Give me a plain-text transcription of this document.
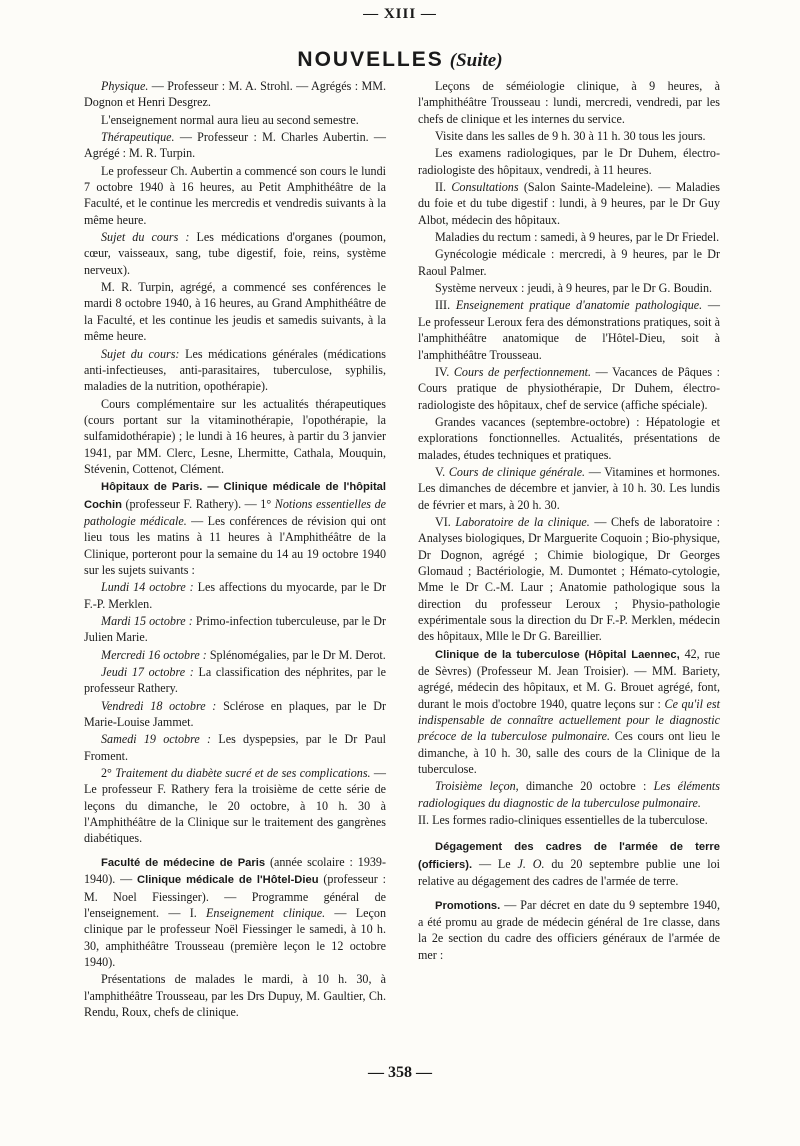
— XIII —
NOUVELLES (Suite)

Physique. — Professeur : M. A. Strohl. — Agrégés : MM. Dognon et Henri Desgrez.

L'enseignement normal aura lieu au second semestre.

Thérapeutique. — Professeur : M. Charles Aubertin. — Agrégé : M. R. Turpin.

Le professeur Ch. Aubertin a commencé son cours le lundi 7 octobre 1940 à 16 heures, au Petit Amphithéâtre de la Faculté, et le continue les mercredis et vendredis suivants à la même heure.

Sujet du cours : Les médications d'organes (poumon, cœur, vaisseaux, sang, tube digestif, foie, reins, système nerveux).

M. R. Turpin, agrégé, a commencé ses conférences le mardi 8 octobre 1940, à 16 heures, au Grand Amphithéâtre de la Faculté, et les continue les jeudis et samedis suivants, à la même heure.

Sujet du cours: Les médications générales (médications anti-infectieuses, anti-parasitaires, tuberculose, syphilis, maladies de la nutrition, opothérapie).

Cours complémentaire sur les actualités thérapeutiques (cours portant sur la vitaminothérapie, l'opothérapie, la sulfamidothérapie) ; le lundi à 16 heures, à partir du 3 janvier 1941, par MM. Clerc, Lesne, Lhermitte, Cathala, Mouquin, Stévenin, Cottenot, Clément.

Hôpitaux de Paris. — Clinique médicale de l'hôpital Cochin (professeur F. Rathery). — 1° Notions essentielles de pathologie médicale. — Les conférences de révision qui ont lieu tous les matins à 11 heures à l'Amphithéâtre de la Clinique, porteront pour la semaine du 14 au 19 octobre 1940 sur les sujets suivants :

Lundi 14 octobre : Les affections du myocarde, par le Dr F.-P. Merklen.

Mardi 15 octobre : Primo-infection tuberculeuse, par le Dr Julien Marie.

Mercredi 16 octobre : Splénomégalies, par le Dr M. Derot.

Jeudi 17 octobre : La classification des néphrites, par le professeur Rathery.

Vendredi 18 octobre : Sclérose en plaques, par le Dr Marie-Louise Jammet.

Samedi 19 octobre : Les dyspepsies, par le Dr Paul Froment.

2° Traitement du diabète sucré et de ses complications. — Le professeur F. Rathery fera la troisième de cette série de leçons du dimanche, le 20 octobre, à 10 h. 30 à l'Amphithéâtre de la Clinique sur le traitement des gangrènes diabétiques.

Faculté de médecine de Paris (année scolaire : 1939-1940). — Clinique médicale de l'Hôtel-Dieu (professeur : M. Noel Fiessinger). — Programme général de l'enseignement. — I. Enseignement clinique. — Leçon clinique par le professeur Noël Fiessinger le samedi, à 10 h. 30, amphithéâtre Trousseau (première leçon le 12 octobre 1940).

Présentations de malades le mardi, à 10 h. 30, à l'amphithéâtre Trousseau, par les Drs Dupuy, M. Gaultier, Ch. Rendu, Roux, chefs de clinique.

Leçons de séméiologie clinique, à 9 heures, à l'amphithéâtre Trousseau : lundi, mercredi, vendredi, par les chefs de clinique et les internes du service.

Visite dans les salles de 9 h. 30 à 11 h. 30 tous les jours.

Les examens radiologiques, par le Dr Duhem, électro-radiologiste des hôpitaux, vendredi, à 11 heures.

II. Consultations (Salon Sainte-Madeleine). — Maladies du foie et du tube digestif : lundi, à 9 heures, par le Dr Guy Albot, médecin des hôpitaux.

Maladies du rectum : samedi, à 9 heures, par le Dr Friedel.

Gynécologie médicale : mercredi, à 9 heures, par le Dr Raoul Palmer.

Système nerveux : jeudi, à 9 heures, par le Dr G. Boudin.

III. Enseignement pratique d'anatomie pathologique. — Le professeur Leroux fera des démonstrations pratiques, soit à l'amphithéâtre anatomique de l'Hôtel-Dieu, soit à l'amphithéâtre Trousseau.

IV. Cours de perfectionnement. — Vacances de Pâques : Cours pratique de physiothérapie, Dr Duhem, électro-radiologiste des hôpitaux, chef de service (affiche spéciale).

Grandes vacances (septembre-octobre) : Hépatologie et explorations fonctionnelles. Actualités, présentations de malades, études techniques et pratiques.

V. Cours de clinique générale. — Vitamines et hormones. Les dimanches de décembre et janvier, à 10 h. 30. Les lundis de février et mars, à 20 h. 30.

VI. Laboratoire de la clinique. — Chefs de laboratoire : Analyses biologiques, Dr Marguerite Coquoin ; Bio-physique, Dr Dognon, agrégé ; Chimie biologique, Dr Georges Glomaud ; Bactériologie, M. Dumontet ; Hémato-cytologie, Mme le Dr C.-M. Laur ; Anatomie pathologique sous la direction du professeur Leroux ; Physio-pathologie expérimentale sous la direction du Dr F.-P. Merklen, médecin des hôpitaux, Mlle le Dr G. Bareillier.

Clinique de la tuberculose (Hôpital Laennec, 42, rue de Sèvres) (Professeur M. Jean Troisier). — MM. Bariety, agrégé, médecin des hôpitaux, et M. G. Brouet agrégé, font, durant le mois d'octobre 1940, quatre leçons sur : Ce qu'il est indispensable de connaître actuellement pour le diagnostic précoce de la tuberculose pulmonaire. Ces cours ont lieu le dimanche, à 10 h. 30, salle des cours de la Clinique de la tuberculose.

Troisième leçon, dimanche 20 octobre : Les éléments radiologiques du diagnostic de la tuberculose pulmonaire.

II. Les formes radio-cliniques essentielles de la tuberculose.

Dégagement des cadres de l'armée de terre (officiers). — Le J. O. du 20 septembre publie une loi relative au dégagement des cadres de l'armée de terre.

Promotions. — Par décret en date du 9 septembre 1940, a été promu au grade de médecin général de 1re classe, dans la 2e section du cadre des officiers généraux de l'armée de mer :

— 358 —
